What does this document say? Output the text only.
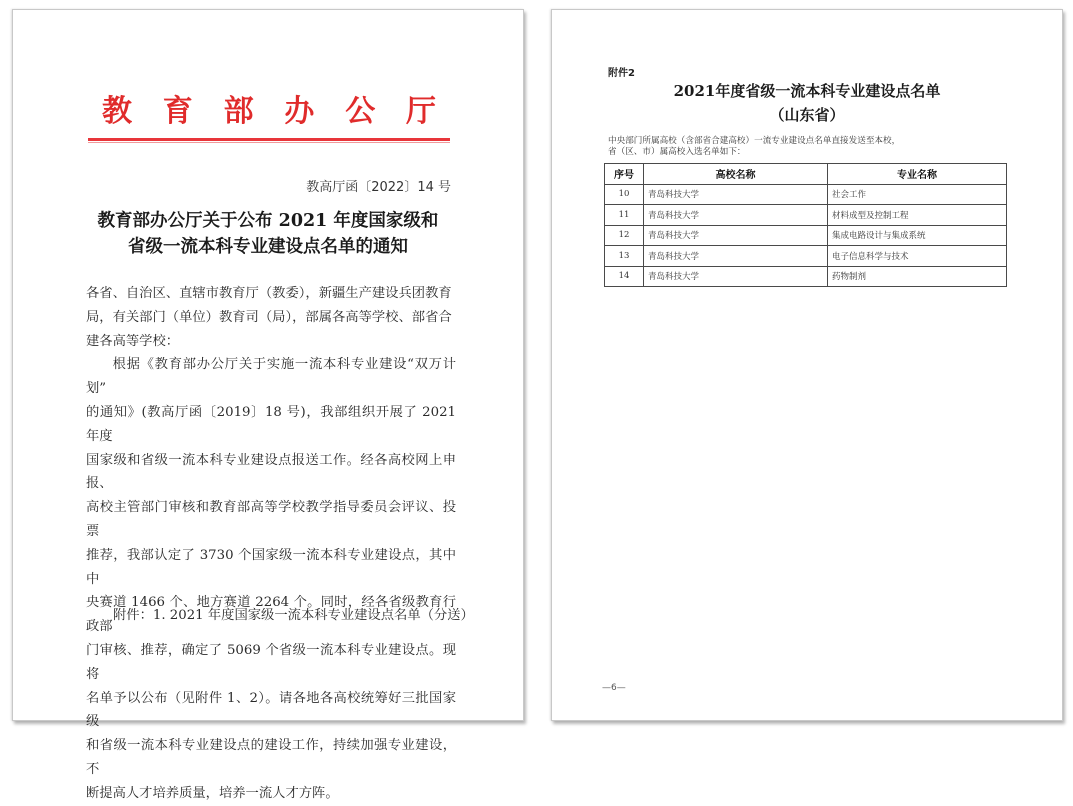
教 育 部 办 公 厅
教高厅函〔2022〕14 号
教育部办公厅关于公布 2021 年度国家级和
省级一流本科专业建设点名单的通知

各省、自治区、直辖市教育厅（教委），新疆生产建设兵团教育

局，有关部门（单位）教育司（局），部属各高等学校、部省合

建各高等学校：

根据《教育部办公厅关于实施一流本科专业建设“双万计划”

的通知》(教高厅函〔2019〕18 号)，我部组织开展了 2021 年度

国家级和省级一流本科专业建设点报送工作。经各高校网上申报、

高校主管部门审核和教育部高等学校教学指导委员会评议、投票

推荐，我部认定了 3730 个国家级一流本科专业建设点，其中中

央赛道 1466 个、地方赛道 2264 个。同时，经各省级教育行政部

门审核、推荐，确定了 5069 个省级一流本科专业建设点。现将

名单予以公布（见附件 1、2）。请各地各高校统筹好三批国家级

和省级一流本科专业建设点的建设工作，持续加强专业建设，不

断提高人才培养质量，培养一流人才方阵。

附件：1. 2021 年度国家级一流本科专业建设点名单（分送）
附件2
2021年度省级一流本科专业建设点名单
（山东省）
中央部门所属高校（含部省合建高校）一流专业建设点名单直接发送至本校，
省（区、市）属高校入选名单如下：
序号	高校名称	专业名称
10	青岛科技大学	社会工作
11	青岛科技大学	材料成型及控制工程
12	青岛科技大学	集成电路设计与集成系统
13	青岛科技大学	电子信息科学与技术
14	青岛科技大学	药物制剂
—6—
